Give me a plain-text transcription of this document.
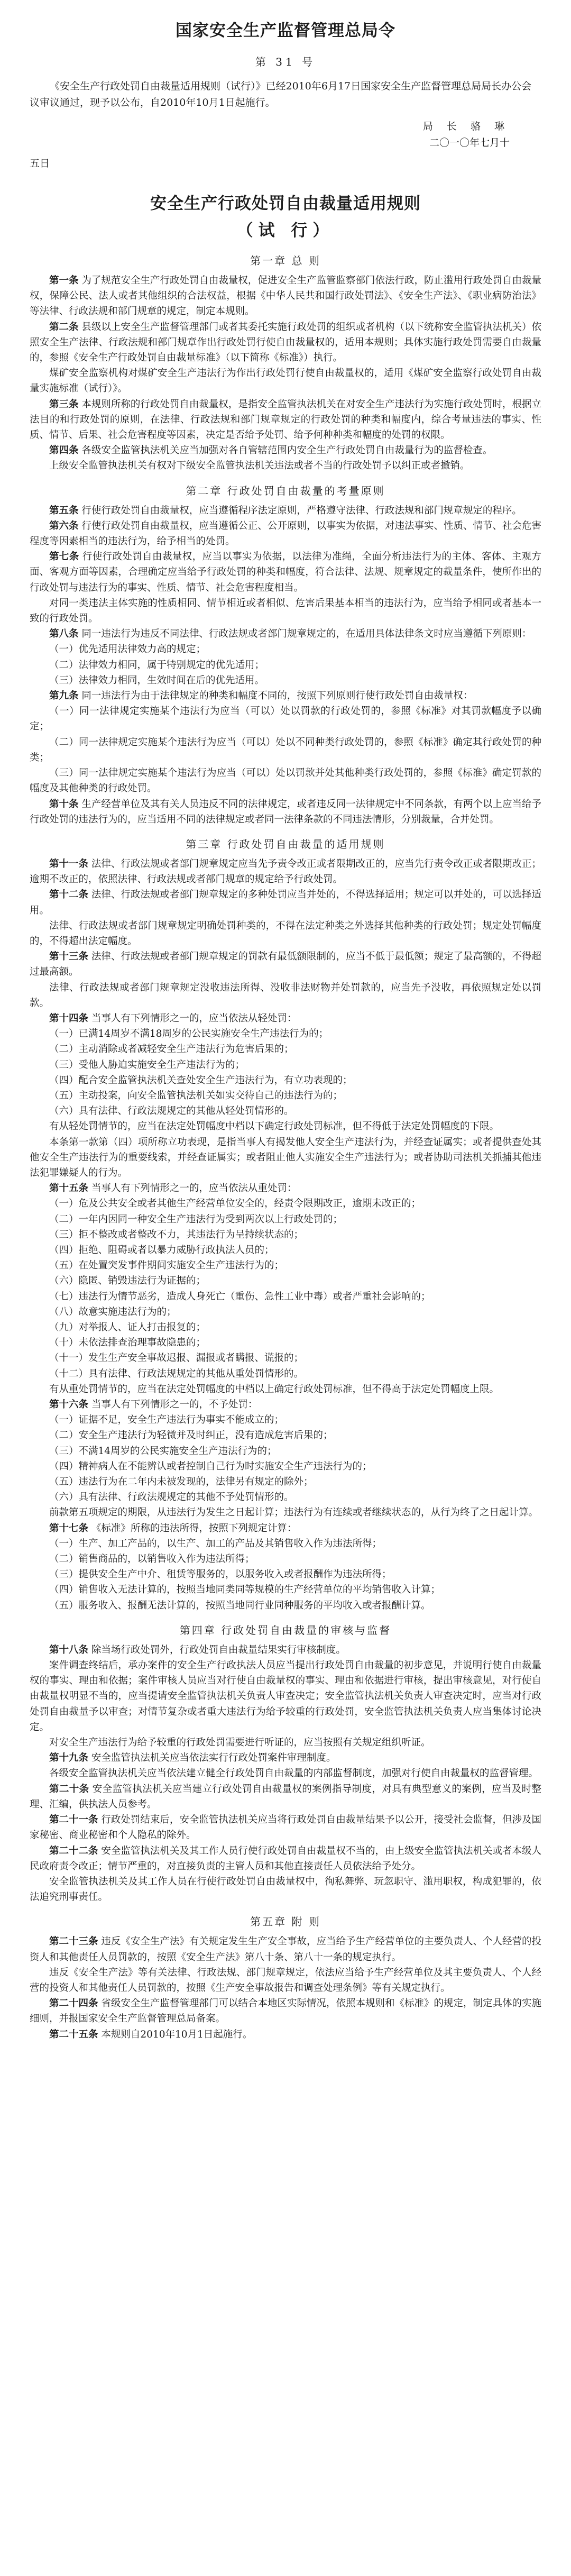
国家安全生产监督管理总局令
第 31 号

《安全生产行政处罚自由裁量适用规则（试行）》已经2010年6月17日国家安全生产监督管理总局局长办公会议审议通过，现予以公布，自2010年10月1日起施行。

局 长 骆 琳
二〇一〇年七月十
五日
安全生产行政处罚自由裁量适用规则
（试 行）
第一章 总 则

第一条 为了规范安全生产行政处罚自由裁量权，促进安全生产监管监察部门依法行政，防止滥用行政处罚自由裁量权，保障公民、法人或者其他组织的合法权益，根据《中华人民共和国行政处罚法》、《安全生产法》、《职业病防治法》等法律、行政法规和部门规章的规定，制定本规则。

第二条 县级以上安全生产监督管理部门或者其委托实施行政处罚的组织或者机构（以下统称安全监管执法机关）依照安全生产法律、行政法规和部门规章作出行政处罚行使自由裁量权的，适用本规则；具体实施行政处罚需要自由裁量的，参照《安全生产行政处罚自由裁量标准》（以下简称《标准》）执行。

煤矿安全监察机构对煤矿安全生产违法行为作出行政处罚行使自由裁量权的，适用《煤矿安全监察行政处罚自由裁量实施标准（试行）》。

第三条 本规则所称的行政处罚自由裁量权，是指安全监管执法机关在对安全生产违法行为实施行政处罚时，根据立法目的和行政处罚的原则，在法律、行政法规和部门规章规定的行政处罚的种类和幅度内，综合考量违法的事实、性质、情节、后果、社会危害程度等因素，决定是否给予处罚、给予何种种类和幅度的处罚的权限。

第四条 各级安全监管执法机关应当加强对各自管辖范围内安全生产行政处罚自由裁量行为的监督检查。

上级安全监管执法机关有权对下级安全监管执法机关违法或者不当的行政处罚予以纠正或者撤销。

第二章 行政处罚自由裁量的考量原则

第五条 行使行政处罚自由裁量权，应当遵循程序法定原则，严格遵守法律、行政法规和部门规章规定的程序。

第六条 行使行政处罚自由裁量权，应当遵循公正、公开原则，以事实为依据，对违法事实、性质、情节、社会危害程度等因素相当的违法行为，给予相当的处罚。

第七条 行使行政处罚自由裁量权，应当以事实为依据，以法律为准绳，全面分析违法行为的主体、客体、主观方面、客观方面等因素，合理确定应当给予行政处罚的种类和幅度，符合法律、法规、规章规定的裁量条件，使所作出的行政处罚与违法行为的事实、性质、情节、社会危害程度相当。

对同一类违法主体实施的性质相同、情节相近或者相似、危害后果基本相当的违法行为，应当给予相同或者基本一致的行政处罚。

第八条 同一违法行为违反不同法律、行政法规或者部门规章规定的，在适用具体法律条文时应当遵循下列原则：

（一）优先适用法律效力高的规定；

（二）法律效力相同，属于特别规定的优先适用；

（三）法律效力相同，生效时间在后的优先适用。

第九条 同一违法行为由于法律规定的种类和幅度不同的，按照下列原则行使行政处罚自由裁量权：

（一）同一法律规定实施某个违法行为应当（可以）处以罚款的行政处罚的，参照《标准》对其罚款幅度予以确定；

（二）同一法律规定实施某个违法行为应当（可以）处以不同种类行政处罚的，参照《标准》确定其行政处罚的种类；

（三）同一法律规定实施某个违法行为应当（可以）处以罚款并处其他种类行政处罚的，参照《标准》确定罚款的幅度及其他种类的行政处罚。

第十条 生产经营单位及其有关人员违反不同的法律规定，或者违反同一法律规定中不同条款，有两个以上应当给予行政处罚的违法行为的，应当适用不同的法律规定或者同一法律条款的不同违法情形，分别裁量，合并处罚。

第三章 行政处罚自由裁量的适用规则

第十一条 法律、行政法规或者部门规章规定应当先予责令改正或者限期改正的，应当先行责令改正或者限期改正；逾期不改正的，依照法律、行政法规或者部门规章的规定给予行政处罚。

第十二条 法律、行政法规或者部门规章规定的多种处罚应当并处的，不得选择适用；规定可以并处的，可以选择适用。

法律、行政法规或者部门规章规定明确处罚种类的，不得在法定种类之外选择其他种类的行政处罚；规定处罚幅度的，不得超出法定幅度。

第十三条 法律、行政法规或者部门规章规定的罚款有最低额限制的，应当不低于最低额；规定了最高额的，不得超过最高额。

法律、行政法规或者部门规章规定没收违法所得、没收非法财物并处罚款的，应当先予没收，再依照规定处以罚款。

第十四条 当事人有下列情形之一的，应当依法从轻处罚：

（一）已满14周岁不满18周岁的公民实施安全生产违法行为的；

（二）主动消除或者减轻安全生产违法行为危害后果的；

（三）受他人胁迫实施安全生产违法行为的；

（四）配合安全监管执法机关查处安全生产违法行为，有立功表现的；

（五）主动投案，向安全监管执法机关如实交待自己的违法行为的；

（六）具有法律、行政法规规定的其他从轻处罚情形的。

有从轻处罚情节的，应当在法定处罚幅度中档以下确定行政处罚标准，但不得低于法定处罚幅度的下限。

本条第一款第（四）项所称立功表现，是指当事人有揭发他人安全生产违法行为，并经查证属实；或者提供查处其他安全生产违法行为的重要线索，并经查证属实；或者阻止他人实施安全生产违法行为；或者协助司法机关抓捕其他违法犯罪嫌疑人的行为。

第十五条 当事人有下列情形之一的，应当依法从重处罚：

（一）危及公共安全或者其他生产经营单位安全的，经责令限期改正，逾期未改正的；

（二）一年内因同一种安全生产违法行为受到两次以上行政处罚的；

（三）拒不整改或者整改不力，其违法行为呈持续状态的；

（四）拒绝、阻碍或者以暴力威胁行政执法人员的；

（五）在处置突发事件期间实施安全生产违法行为的；

（六）隐匿、销毁违法行为证据的；

（七）违法行为情节恶劣，造成人身死亡（重伤、急性工业中毒）或者严重社会影响的；

（八）故意实施违法行为的；

（九）对举报人、证人打击报复的；

（十）未依法排查治理事故隐患的；

（十一）发生生产安全事故迟报、漏报或者瞒报、谎报的；

（十二）具有法律、行政法规规定的其他从重处罚情形的。

有从重处罚情节的，应当在法定处罚幅度的中档以上确定行政处罚标准，但不得高于法定处罚幅度上限。

第十六条 当事人有下列情形之一的，不予处罚：

（一）证据不足，安全生产违法行为事实不能成立的；

（二）安全生产违法行为轻微并及时纠正，没有造成危害后果的；

（三）不满14周岁的公民实施安全生产违法行为的；

（四）精神病人在不能辨认或者控制自己行为时实施安全生产违法行为的；

（五）违法行为在二年内未被发现的，法律另有规定的除外；

（六）具有法律、行政法规规定的其他不予处罚情形的。

前款第五项规定的期限，从违法行为发生之日起计算；违法行为有连续或者继续状态的，从行为终了之日起计算。

第十七条 《标准》所称的违法所得，按照下列规定计算：

（一）生产、加工产品的，以生产、加工的产品及其销售收入作为违法所得；

（二）销售商品的，以销售收入作为违法所得；

（三）提供安全生产中介、租赁等服务的，以服务收入或者报酬作为违法所得；

（四）销售收入无法计算的，按照当地同类同等规模的生产经营单位的平均销售收入计算；

（五）服务收入、报酬无法计算的，按照当地同行业同种服务的平均收入或者报酬计算。

第四章 行政处罚自由裁量的审核与监督

第十八条 除当场行政处罚外，行政处罚自由裁量结果实行审核制度。

案件调查终结后，承办案件的安全生产行政执法人员应当提出行政处罚自由裁量的初步意见，并说明行使自由裁量权的事实、理由和依据；案件审核人员应当对行使自由裁量权的事实、理由和依据进行审核，提出审核意见，对行使自由裁量权明显不当的，应当提请安全监管执法机关负责人审查决定；安全监管执法机关负责人审查决定时，应当对行政处罚自由裁量予以审查；对情节复杂或者重大违法行为给予较重的行政处罚，安全监管执法机关负责人应当集体讨论决定。

对安全生产违法行为给予较重的行政处罚需要进行听证的，应当按照有关规定组织听证。

第十九条 安全监管执法机关应当依法实行行政处罚案件审理制度。

各级安全监管执法机关应当依法建立健全行政处罚自由裁量的内部监督制度，加强对行使自由裁量权的监督管理。

第二十条 安全监管执法机关应当建立行政处罚自由裁量权的案例指导制度，对具有典型意义的案例，应当及时整理、汇编，供执法人员参考。

第二十一条 行政处罚结束后，安全监管执法机关应当将行政处罚自由裁量结果予以公开，接受社会监督，但涉及国家秘密、商业秘密和个人隐私的除外。

第二十二条 安全监管执法机关及其工作人员行使行政处罚自由裁量权不当的，由上级安全监管执法机关或者本级人民政府责令改正；情节严重的，对直接负责的主管人员和其他直接责任人员依法给予处分。

安全监管执法机关及其工作人员在行使行政处罚自由裁量权中，徇私舞弊、玩忽职守、滥用职权，构成犯罪的，依法追究刑事责任。

第五章 附 则

第二十三条 违反《安全生产法》有关规定发生生产安全事故，应当给予生产经营单位的主要负责人、个人经营的投资人和其他责任人员罚款的，按照《安全生产法》第八十条、第八十一条的规定执行。

违反《安全生产法》等有关法律、行政法规、部门规章规定，依法应当给予生产经营单位及其主要负责人、个人经营的投资人和其他责任人员罚款的，按照《生产安全事故报告和调查处理条例》等有关规定执行。

第二十四条 省级安全生产监督管理部门可以结合本地区实际情况，依照本规则和《标准》的规定，制定具体的实施细则，并报国家安全生产监督管理总局备案。

第二十五条 本规则自2010年10月1日起施行。
